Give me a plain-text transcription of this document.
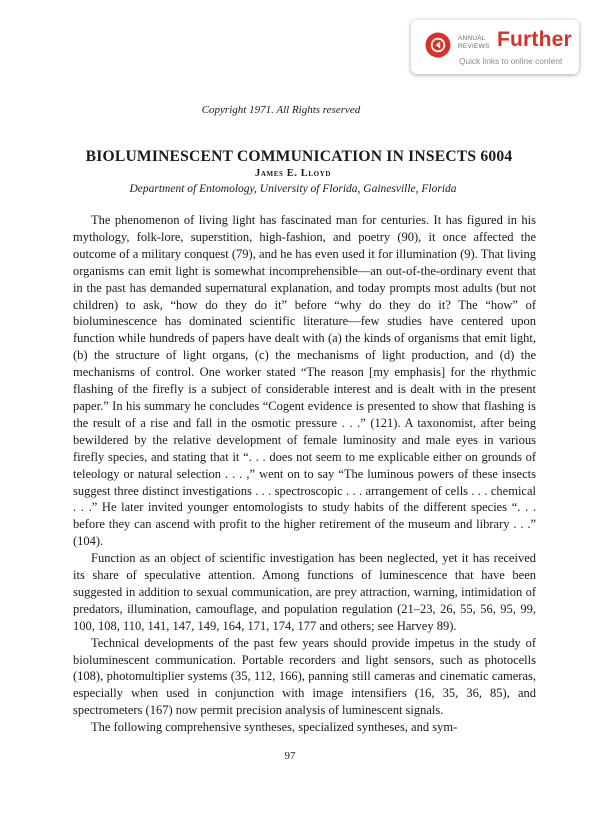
ANNUAL
REVIEWS Further
Quick links to online content
Copyright 1971. All Rights reserved
BIOLUMINESCENT COMMUNICATION IN INSECTS 6004
James E. Lloyd
Department of Entomology, University of Florida, Gainesville, Florida

The phenomenon of living light has fascinated man for centuries. It has figured in his mythology, folk-lore, superstition, high-fashion, and poetry (90), it once affected the outcome of a military conquest (79), and he has even used it for illumination (9). That living organisms can emit light is somewhat incomprehensible—an out-of-the-ordinary event that in the past has demanded supernatural explanation, and today prompts most adults (but not children) to ask, “how do they do it” before “why do they do it? The “how” of bioluminescence has dominated scientific literature—few studies have centered upon function while hundreds of papers have dealt with (a) the kinds of organisms that emit light, (b) the structure of light organs, (c) the mechanisms of light production, and (d) the mechanisms of control. One worker stated “The reason [my emphasis] for the rhythmic flashing of the firefly is a subject of considerable interest and is dealt with in the present paper.” In his summary he concludes “Cogent evidence is presented to show that flashing is the result of a rise and fall in the osmotic pressure . . .” (121). A taxonomist, after being bewildered by the relative development of female luminosity and male eyes in various firefly species, and stating that it “. . . does not seem to me explicable either on grounds of teleology or natural selection . . . ,” went on to say “The luminous powers of these insects suggest three distinct investigations . . . spectroscopic . . . arrangement of cells . . . chemical . . .” He later invited younger entomologists to study habits of the different species “. . . before they can ascend with profit to the higher retirement of the museum and library . . .” (104).

Function as an object of scientific investigation has been neglected, yet it has received its share of speculative attention. Among functions of luminescence that have been suggested in addition to sexual communication, are prey attraction, warning, intimidation of predators, illumination, camouflage, and population regulation (21–23, 26, 55, 56, 95, 99, 100, 108, 110, 141, 147, 149, 164, 171, 174, 177 and others; see Harvey 89).

Technical developments of the past few years should provide impetus in the study of bioluminescent communication. Portable recorders and light sensors, such as photocells (108), photomultiplier systems (35, 112, 166), panning still cameras and cinematic cameras, especially when used in conjunction with image intensifiers (16, 35, 36, 85), and spectrometers (167) now permit precision analysis of luminescent signals.

The following comprehensive syntheses, specialized syntheses, and sym-

97
